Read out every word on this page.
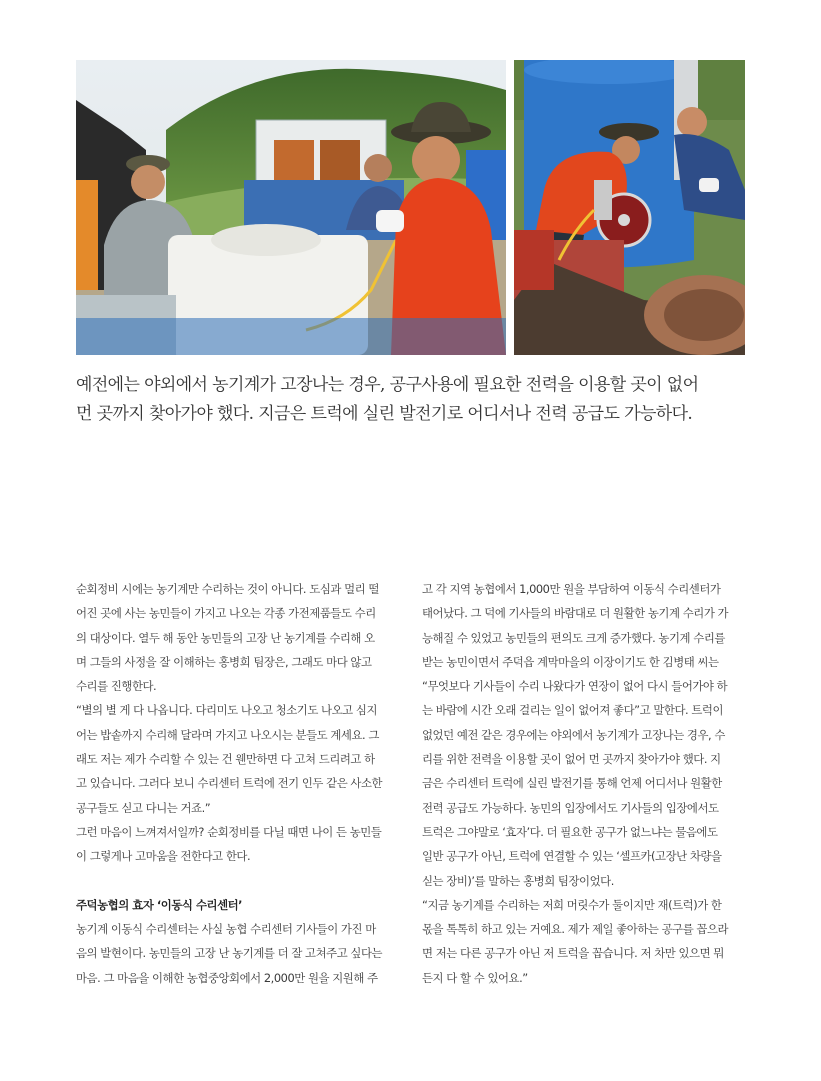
예전에는 야외에서 농기계가 고장나는 경우, 공구사용에 필요한 전력을 이용할 곳이 없어
먼 곳까지 찾아가야 했다. 지금은 트럭에 실린 발전기로 어디서나 전력 공급도 가능하다.
순회정비 시에는 농기계만 수리하는 것이 아니다. 도심과 멀리 떨
어진 곳에 사는 농민들이 가지고 나오는 각종 가전제품들도 수리
의 대상이다. 열두 해 동안 농민들의 고장 난 농기계를 수리해 오
며 그들의 사정을 잘 이해하는 홍병희 팀장은, 그래도 마다 않고
수리를 진행한다.
“별의 별 게 다 나옵니다. 다리미도 나오고 청소기도 나오고 심지
어는 밥솥까지 수리해 달라며 가지고 나오시는 분들도 계세요. 그
래도 저는 제가 수리할 수 있는 건 웬만하면 다 고쳐 드리려고 하
고 있습니다. 그러다 보니 수리센터 트럭에 전기 인두 같은 사소한
공구들도 싣고 다니는 거죠.”
그런 마음이 느껴져서일까? 순회정비를 다닐 때면 나이 든 농민들
이 그렇게나 고마움을 전한다고 한다.
주덕농협의 효자 ‘이동식 수리센터’
농기계 이동식 수리센터는 사실 농협 수리센터 기사들이 가진 마
음의 발현이다. 농민들의 고장 난 농기계를 더 잘 고쳐주고 싶다는
마음. 그 마음을 이해한 농협중앙회에서 2,000만 원을 지원해 주
고 각 지역 농협에서 1,000만 원을 부담하여 이동식 수리센터가
태어났다. 그 덕에 기사들의 바람대로 더 원활한 농기계 수리가 가
능해질 수 있었고 농민들의 편의도 크게 증가했다. 농기계 수리를
받는 농민이면서 주덕읍 계막마을의 이장이기도 한 김병태 씨는
“무엇보다 기사들이 수리 나왔다가 연장이 없어 다시 들어가야 하
는 바람에 시간 오래 걸리는 일이 없어져 좋다”고 말한다. 트럭이
없었던 예전 같은 경우에는 야외에서 농기계가 고장나는 경우, 수
리를 위한 전력을 이용할 곳이 없어 먼 곳까지 찾아가야 했다. 지
금은 수리센터 트럭에 실린 발전기를 통해 언제 어디서나 원활한
전력 공급도 가능하다. 농민의 입장에서도 기사들의 입장에서도
트럭은 그야말로 ‘효자’다. 더 필요한 공구가 없느냐는 물음에도
일반 공구가 아닌, 트럭에 연결할 수 있는 ‘셀프카(고장난 차량을
싣는 장비)’를 말하는 홍병희 팀장이었다.
“지금 농기계를 수리하는 저희 머릿수가 둘이지만 재(트럭)가 한
몫을 톡톡히 하고 있는 거예요. 제가 제일 좋아하는 공구를 꼽으라
면 저는 다른 공구가 아닌 저 트럭을 꼽습니다. 저 차만 있으면 뭐
든지 다 할 수 있어요.”
